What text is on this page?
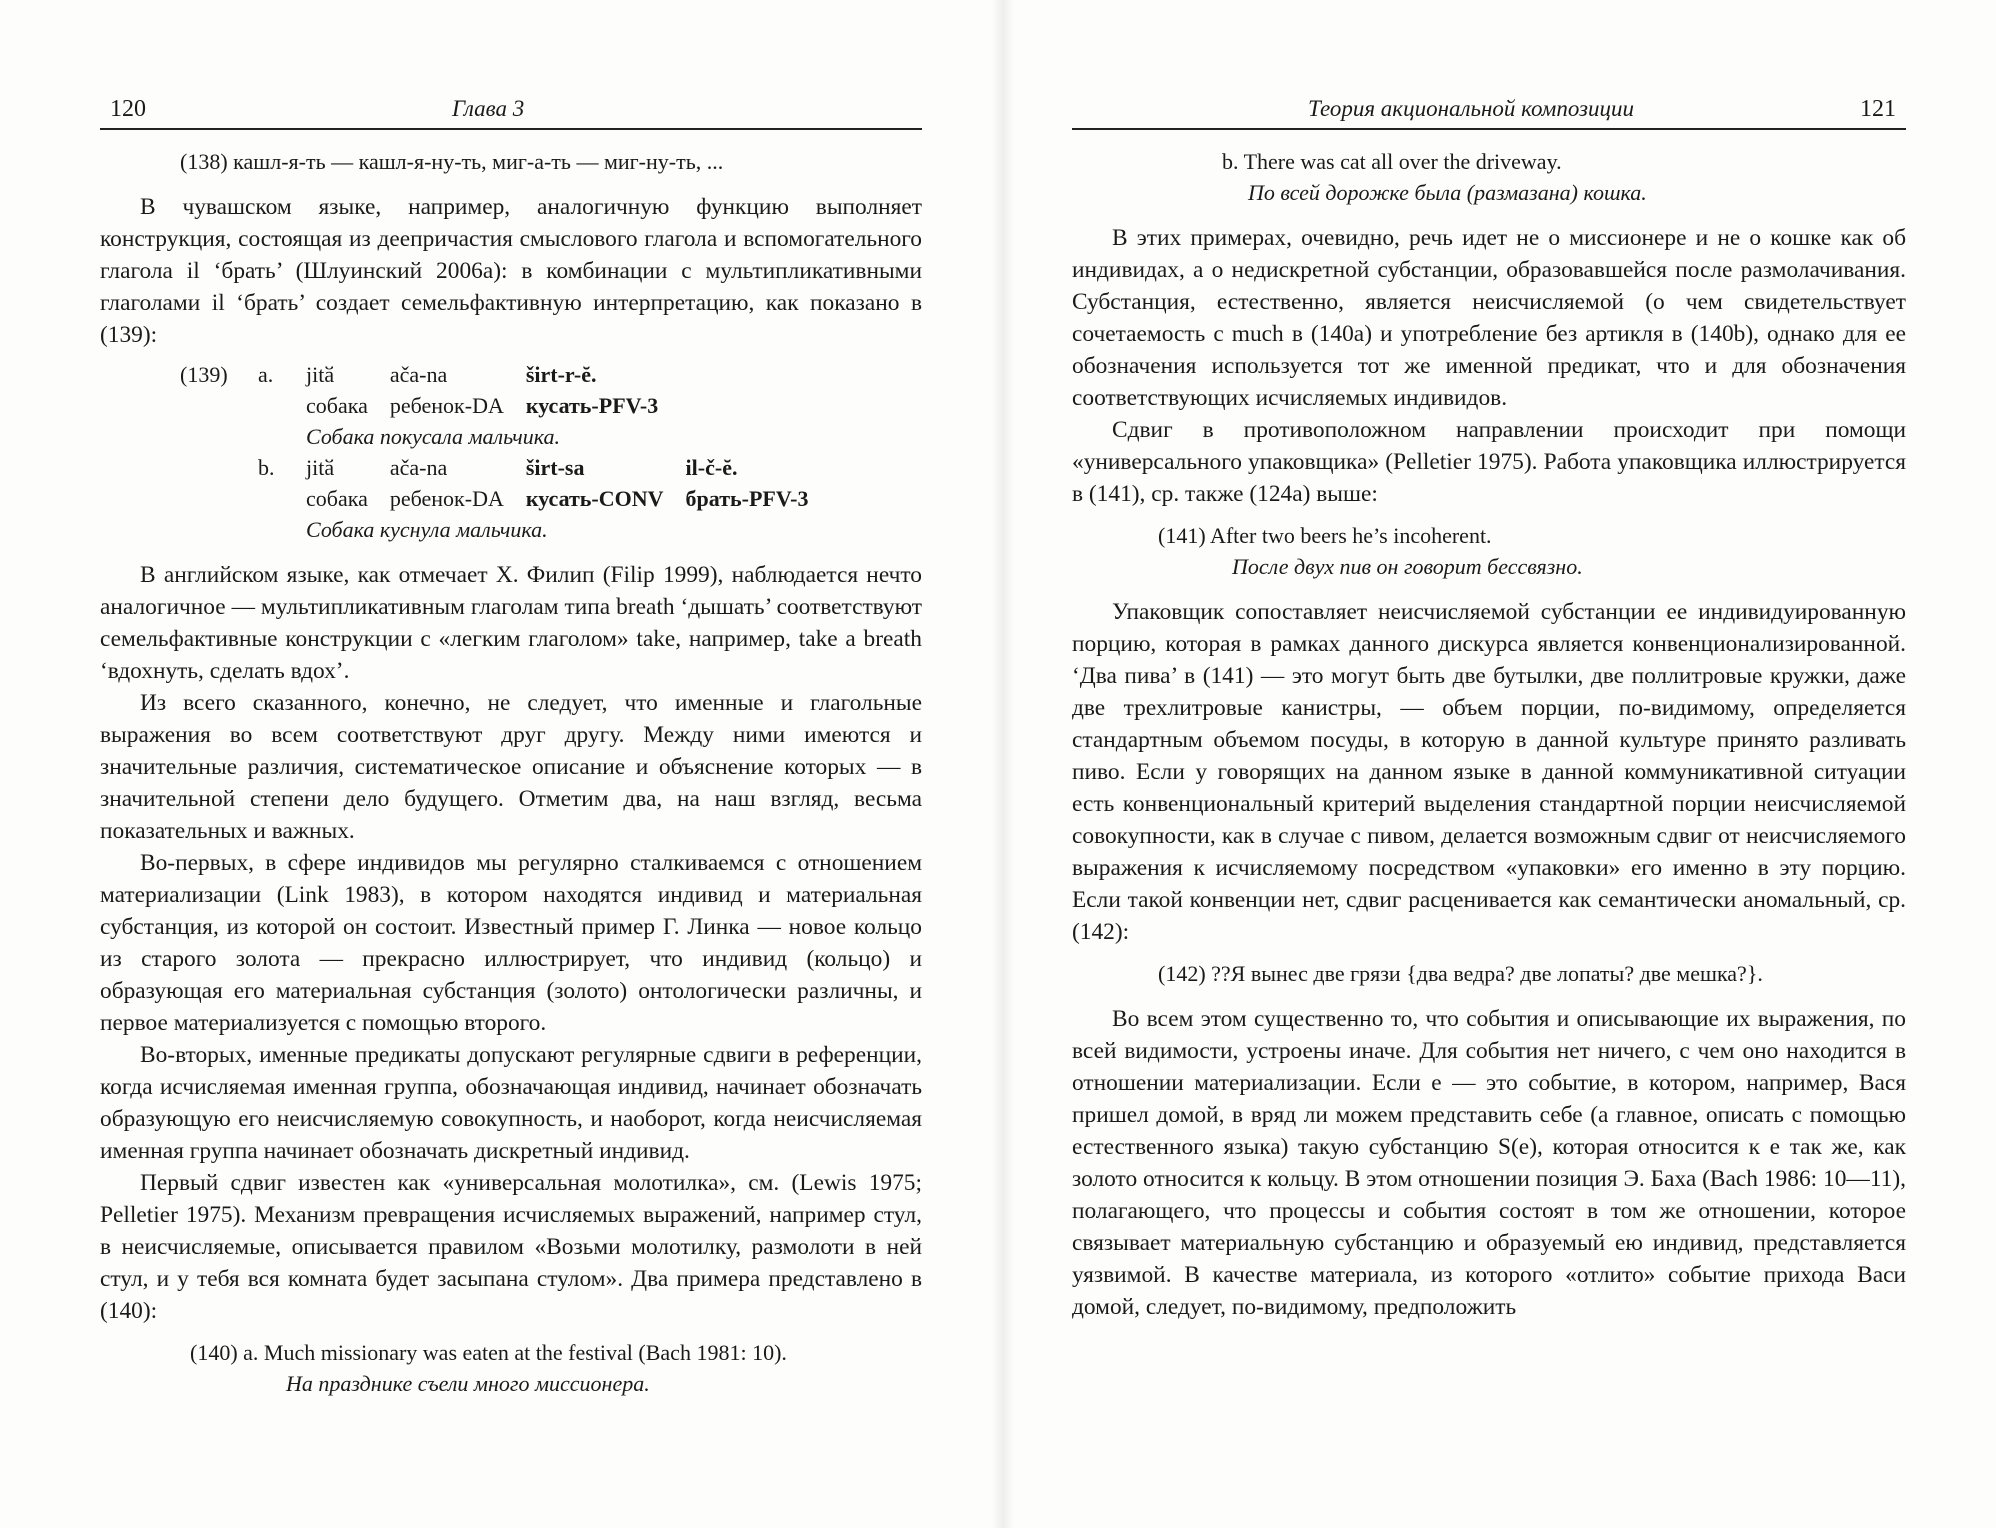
120	Глава 3

(138) кашл-я-ть — кашл-я-ну-ть, миг-а-ть — миг-ну-ть, ...

В чувашском языке, например, аналогичную функцию выполняет конструкция, состоящая из деепричастия смыслового глагола и вспомогательного глагола il ‘брать’ (Шлуинский 2006а): в комбинации с мультипликативными глаголами il ‘брать’ создает семельфактивную интерпретацию, как показано в (139):

(139)	a.	jitӑ	ača-na	širt-r-ĕ.	
		собака	ребенок-DA	кусать-PFV-3	
		Собака покусала мальчика.			
	b.	jitӑ	ača-na	širt-sa	il-č-ĕ.
		собака	ребенок-DA	кусать-CONV	брать-PFV-3
		Собака куснула мальчика.			

В английском языке, как отмечает Х. Филип (Filip 1999), наблюдается нечто аналогичное — мультипликативным глаголам типа breath ‘дышать’ соответствуют семельфактивные конструкции с «легким глаголом» take, например, take a breath ‘вдохнуть, сделать вдох’.

Из всего сказанного, конечно, не следует, что именные и глагольные выражения во всем соответствуют друг другу. Между ними имеются и значительные различия, систематическое описание и объяснение которых — в значительной степени дело будущего. Отметим два, на наш взгляд, весьма показательных и важных.

Во-первых, в сфере индивидов мы регулярно сталкиваемся с отношением материализации (Link 1983), в котором находятся индивид и материальная субстанция, из которой он состоит. Известный пример Г. Линка — новое кольцо из старого золота — прекрасно иллюстрирует, что индивид (кольцо) и образующая его материальная субстанция (золото) онтологически различны, и первое материализуется с помощью второго.

Во-вторых, именные предикаты допускают регулярные сдвиги в референции, когда исчисляемая именная группа, обозначающая индивид, начинает обозначать образующую его неисчисляемую совокупность, и наоборот, когда неисчисляемая именная группа начинает обозначать дискретный индивид.

Первый сдвиг известен как «универсальная молотилка», см. (Lewis 1975; Pelletier 1975). Механизм превращения исчисляемых выражений, например стул, в неисчисляемые, описывается правилом «Возьми молотилку, размолоти в ней стул, и у тебя вся комната будет засыпана стулом». Два примера представлено в (140):

(140) a. Much missionary was eaten at the festival (Bach 1981: 10).

На празднике съели много миссионера.

Теория акциональной композиции	121

b. There was cat all over the driveway.

По всей дорожке была (размазана) кошка.

В этих примерах, очевидно, речь идет не о миссионере и не о кошке как об индивидах, а о недискретной субстанции, образовавшейся после размолачивания. Субстанция, естественно, является неисчисляемой (о чем свидетельствует сочетаемость с much в (140а) и употребление без артикля в (140b), однако для ее обозначения используется тот же именной предикат, что и для обозначения соответствующих исчисляемых индивидов.

Сдвиг в противоположном направлении происходит при помощи «универсального упаковщика» (Pelletier 1975). Работа упаковщика иллюстрируется в (141), ср. также (124а) выше:

(141) After two beers he’s incoherent.

После двух пив он говорит бессвязно.

Упаковщик сопоставляет неисчисляемой субстанции ее индивидуированную порцию, которая в рамках данного дискурса является конвенционализированной. ‘Два пива’ в (141) — это могут быть две бутылки, две поллитровые кружки, даже две трехлитровые канистры, — объем порции, по-видимому, определяется стандартным объемом посуды, в которую в данной культуре принято разливать пиво. Если у говорящих на данном языке в данной коммуникативной ситуации есть конвенциональный критерий выделения стандартной порции неисчисляемой совокупности, как в случае с пивом, делается возможным сдвиг от неисчисляемого выражения к исчисляемому посредством «упаковки» его именно в эту порцию. Если такой конвенции нет, сдвиг расценивается как семантически аномальный, ср. (142):

(142) ??Я вынес две грязи {два ведра? две лопаты? две мешка?}.

Во всем этом существенно то, что события и описывающие их выражения, по всей видимости, устроены иначе. Для события нет ничего, с чем оно находится в отношении материализации. Если e — это событие, в котором, например, Вася пришел домой, в вряд ли можем представить себе (а главное, описать с помощью естественного языка) такую субстанцию S(e), которая относится к e так же, как золото относится к кольцу. В этом отношении позиция Э. Баха (Bach 1986: 10—11), полагающего, что процессы и события состоят в том же отношении, которое связывает материальную субстанцию и образуемый ею индивид, представляется уязвимой. В качестве материала, из которого «отлито» событие прихода Васи домой, следует, по-видимому, предположить
